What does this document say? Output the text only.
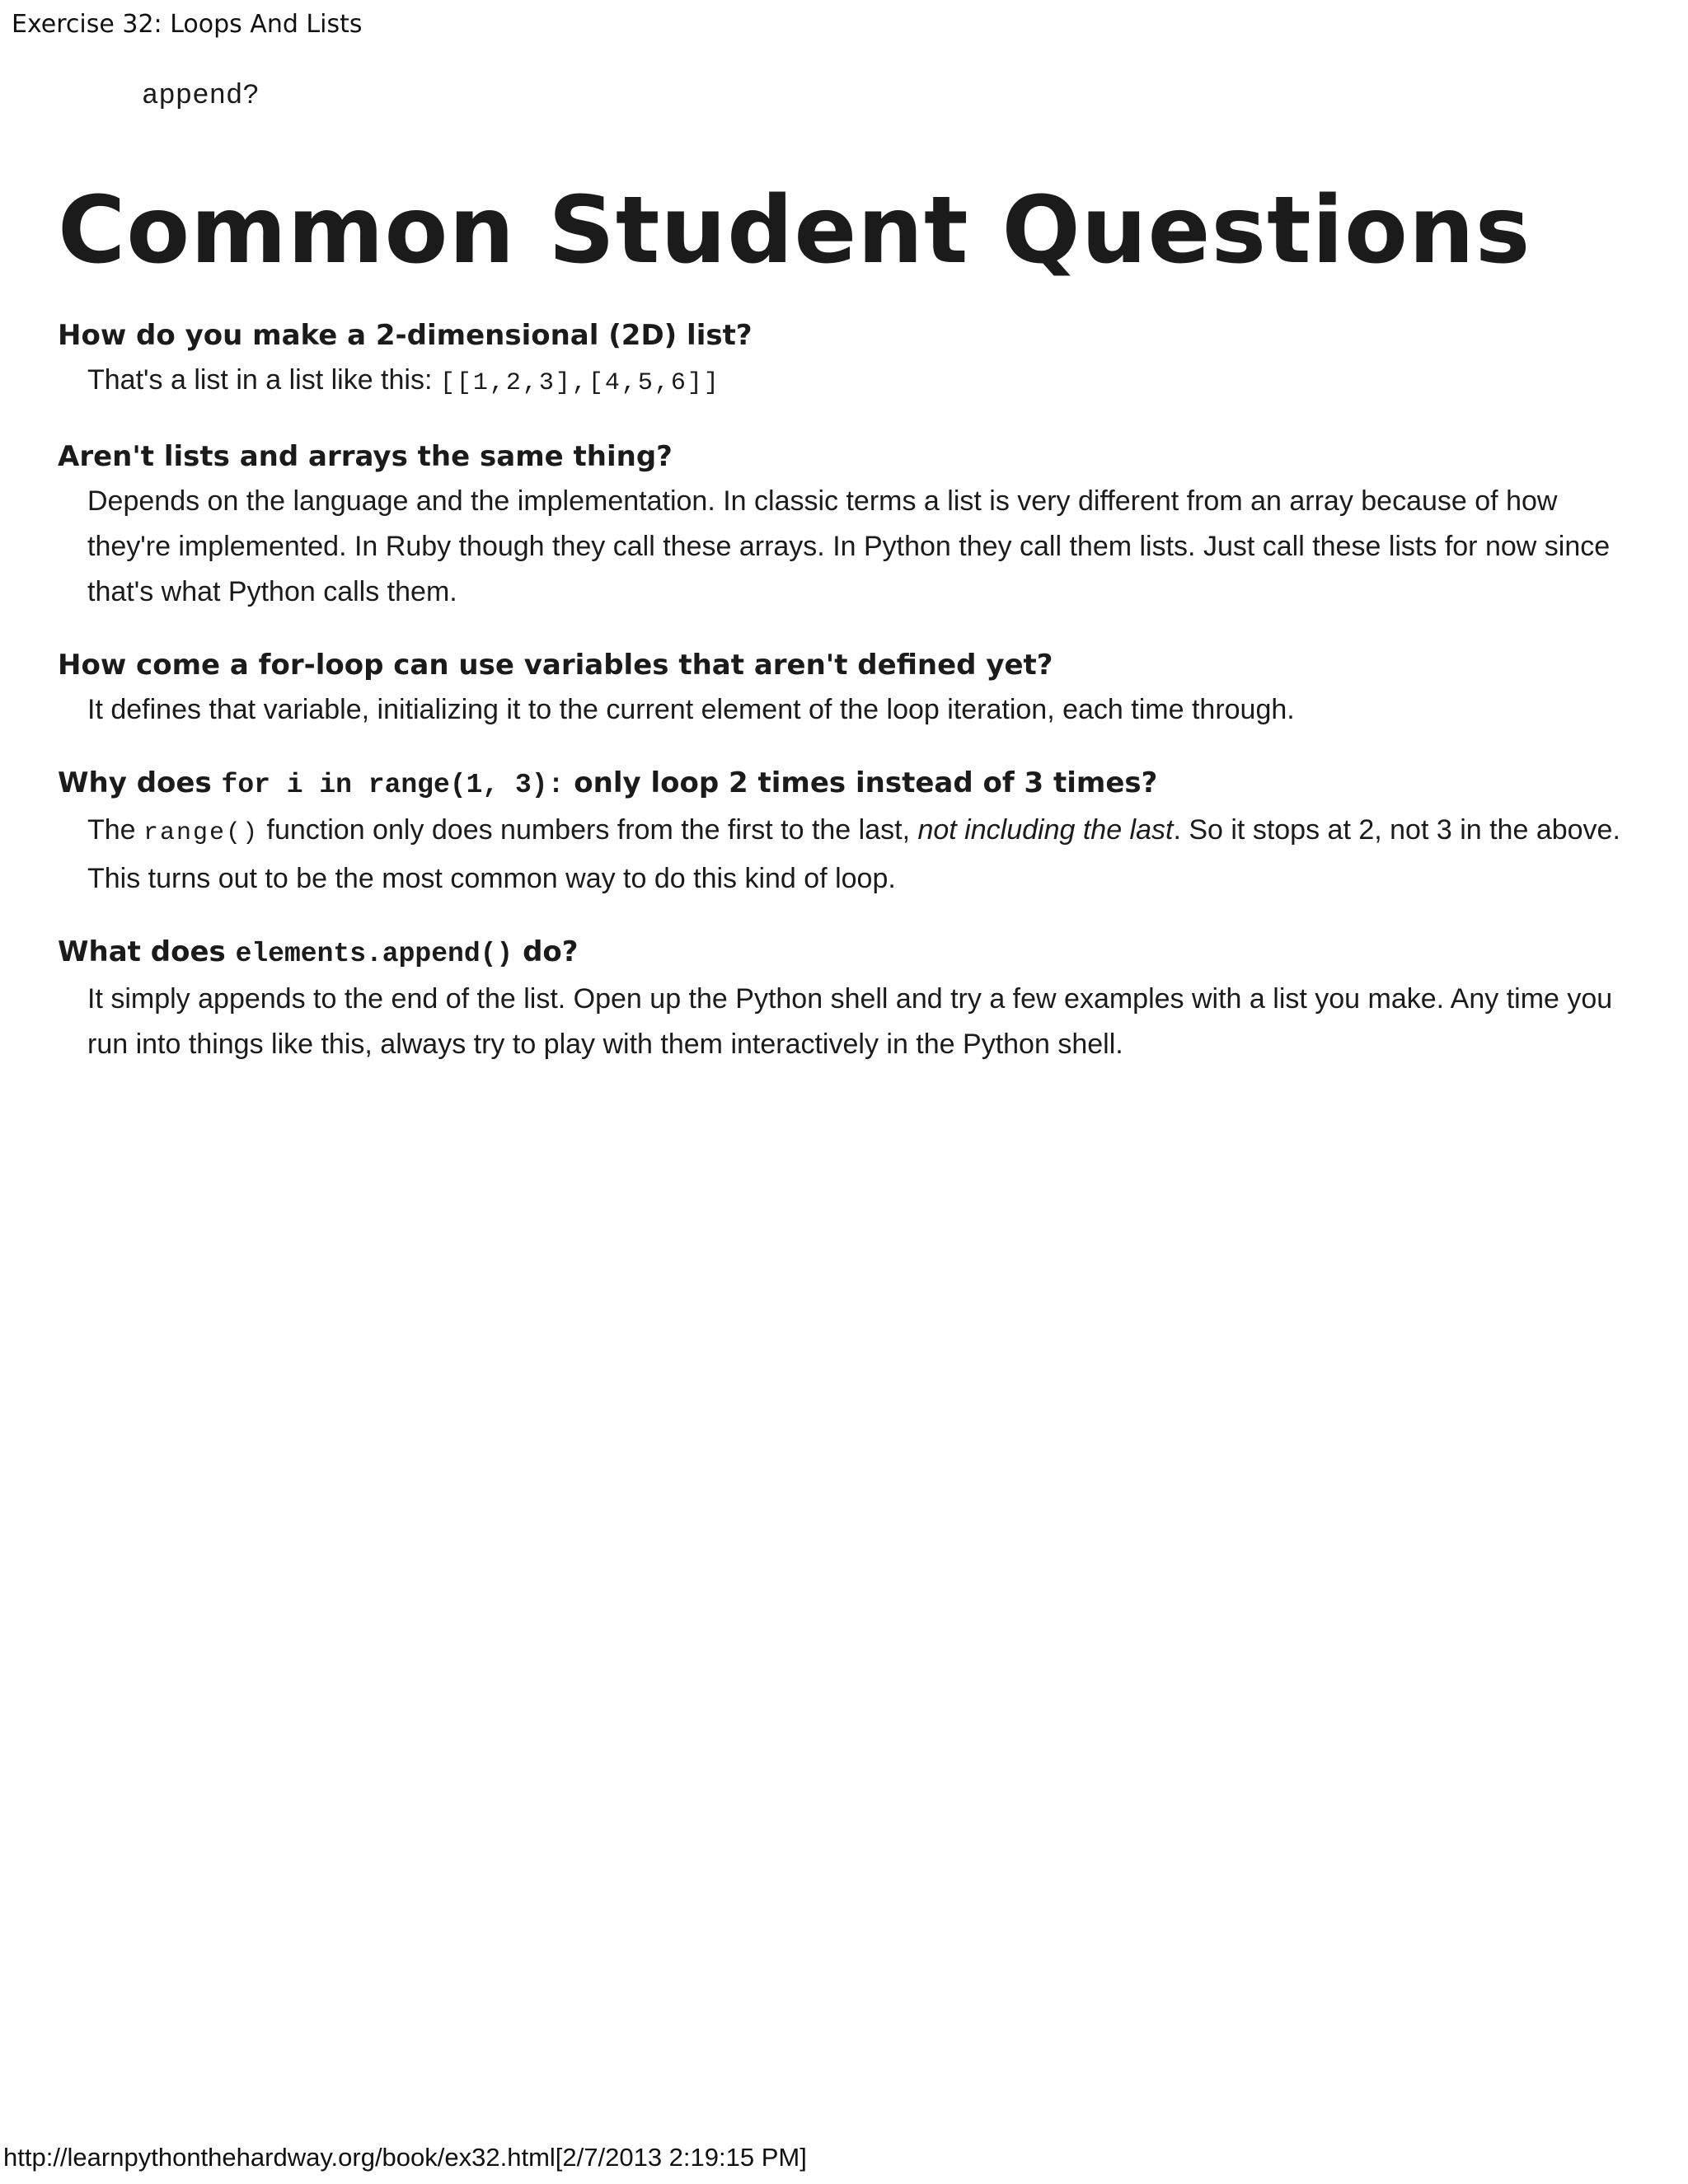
Exercise 32: Loops And Lists
append?
Common Student Questions

How do you make a 2-dimensional (2D) list?

That's a list in a list like this: [[1,2,3],[4,5,6]]

Aren't lists and arrays the same thing?

Depends on the language and the implementation. In classic terms a list is very different from an array because of how they're implemented. In Ruby though they call these arrays. In Python they call them lists. Just call these lists for now since that's what Python calls them.

How come a for-loop can use variables that aren't defined yet?

It defines that variable, initializing it to the current element of the loop iteration, each time through.

Why does for i in range(1, 3): only loop 2 times instead of 3 times?

The range() function only does numbers from the first to the last, not including the last. So it stops at 2, not 3 in the above. This turns out to be the most common way to do this kind of loop.

What does elements.append() do?

It simply appends to the end of the list. Open up the Python shell and try a few examples with a list you make. Any time you run into things like this, always try to play with them interactively in the Python shell.

http://learnpythonthehardway.org/book/ex32.html[2/7/2013 2:19:15 PM]
